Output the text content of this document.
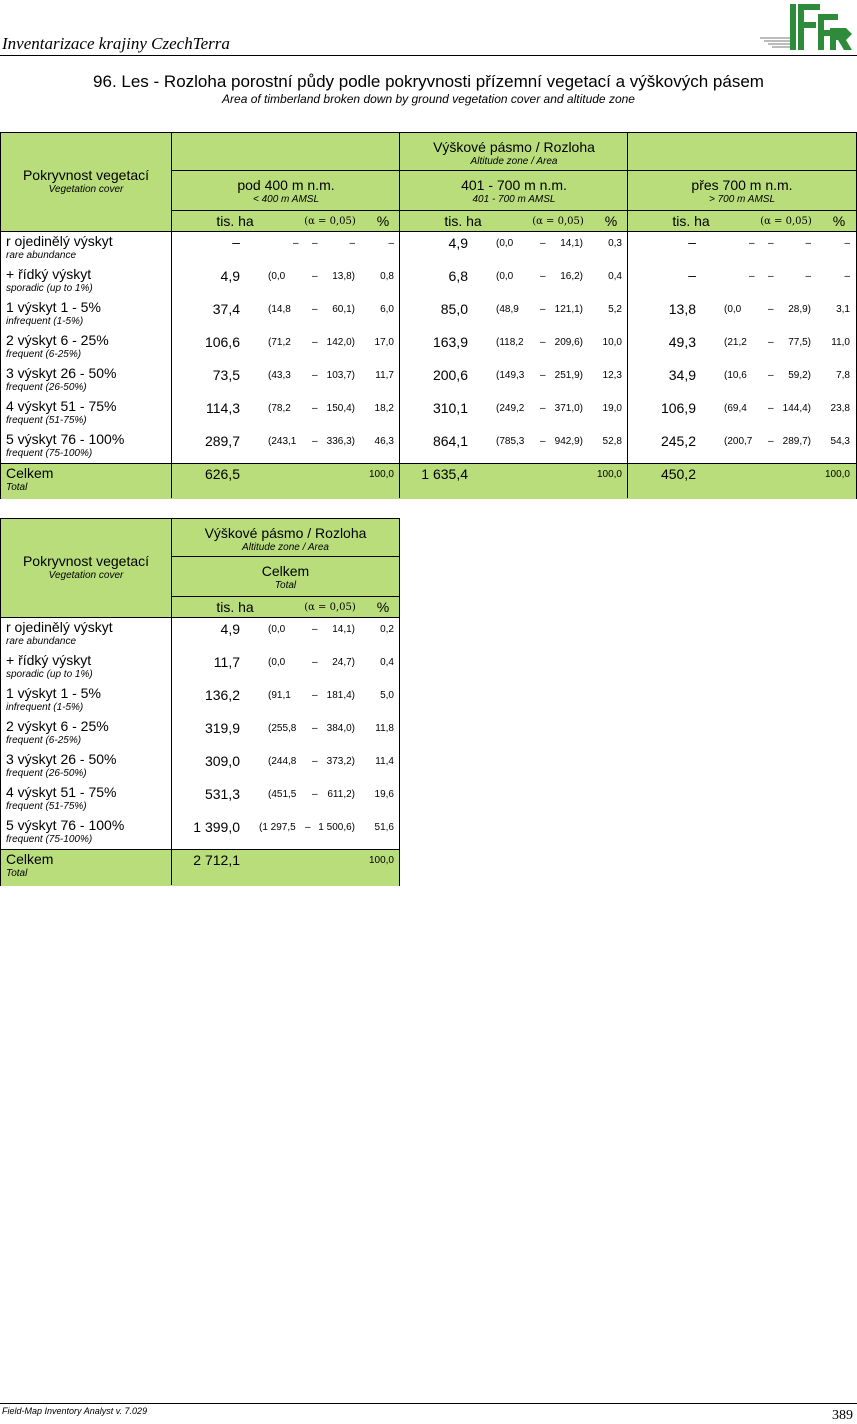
Inventarizace krajiny CzechTerra
96. Les - Rozloha porostní půdy podle pokryvnosti přízemní vegetací a výškových pásem
Area of timberland broken down by ground vegetation cover and altitude zone
Pokryvnost vegetací
Vegetation cover
Výškové pásmo / Rozloha
Altitude zone / Area
pod 400 m n.m.
< 400 m AMSL
tis. ha	(α = 0,05)	%
401 - 700 m n.m.
401 - 700 m AMSL
tis. ha	(α = 0,05)	%
přes 700 m n.m.
> 700 m AMSL
tis. ha	(α = 0,05)	%
r ojedinělý výskyt
rare abundance
–	– –	–	–	4,9	(0,0	–	14,1)	0,3	–	– –	–	–
+ řídký výskyt
sporadic (up to 1%)
4,9	(0,0	–	13,8)	0,8	6,8	(0,0	–	16,2)	0,4	–	– –	–	–
1 výskyt 1 - 5%
infrequent (1-5%)
37,4	(14,8 –	60,1)	6,0	85,0	(48,9 – 121,1)	5,2	13,8	(0,0	–	28,9)	3,1
2 výskyt 6 - 25%
frequent (6-25%)
106,6	(71,2 – 142,0)	17,0	163,9	(118,2 – 209,6)	10,0	49,3	(21,2 –	77,5)	11,0
3 výskyt 26 - 50%
frequent (26-50%)
73,5	(43,3 – 103,7)	11,7	200,6	(149,3 – 251,9)	12,3	34,9	(10,6 –	59,2)	7,8
4 výskyt 51 - 75%
frequent (51-75%)
114,3	(78,2 – 150,4)	18,2	310,1	(249,2 – 371,0)	19,0	106,9	(69,4 – 144,4)	23,8
5 výskyt 76 - 100%
frequent (75-100%)
289,7	(243,1 – 336,3)	46,3	864,1	(785,3 – 942,9)	52,8	245,2	(200,7 – 289,7)	54,3
Celkem
Total
626,5	100,0	1 635,4	100,0	450,2	100,0
Pokryvnost vegetací
Vegetation cover
Výškové pásmo / Rozloha
Altitude zone / Area
Celkem
Total
tis. ha	(α = 0,05)	%
r ojedinělý výskyt
rare abundance
4,9	(0,0	–	14,1)	0,2
+ řídký výskyt
sporadic (up to 1%)
11,7	(0,0	–	24,7)	0,4
1 výskyt 1 - 5%
infrequent (1-5%)
136,2	(91,1 – 181,4)	5,0
2 výskyt 6 - 25%
frequent (6-25%)
319,9	(255,8 – 384,0)	11,8
3 výskyt 26 - 50%
frequent (26-50%)
309,0	(244,8 – 373,2)	11,4
4 výskyt 51 - 75%
frequent (51-75%)
531,3	(451,5 – 611,2)	19,6
5 výskyt 76 - 100%
frequent (75-100%)
1 399,0 (1 297,5 – 1 500,6)	51,6
Celkem
Total
2 712,1	100,0
Field-Map Inventory Analyst v. 7.029	389
